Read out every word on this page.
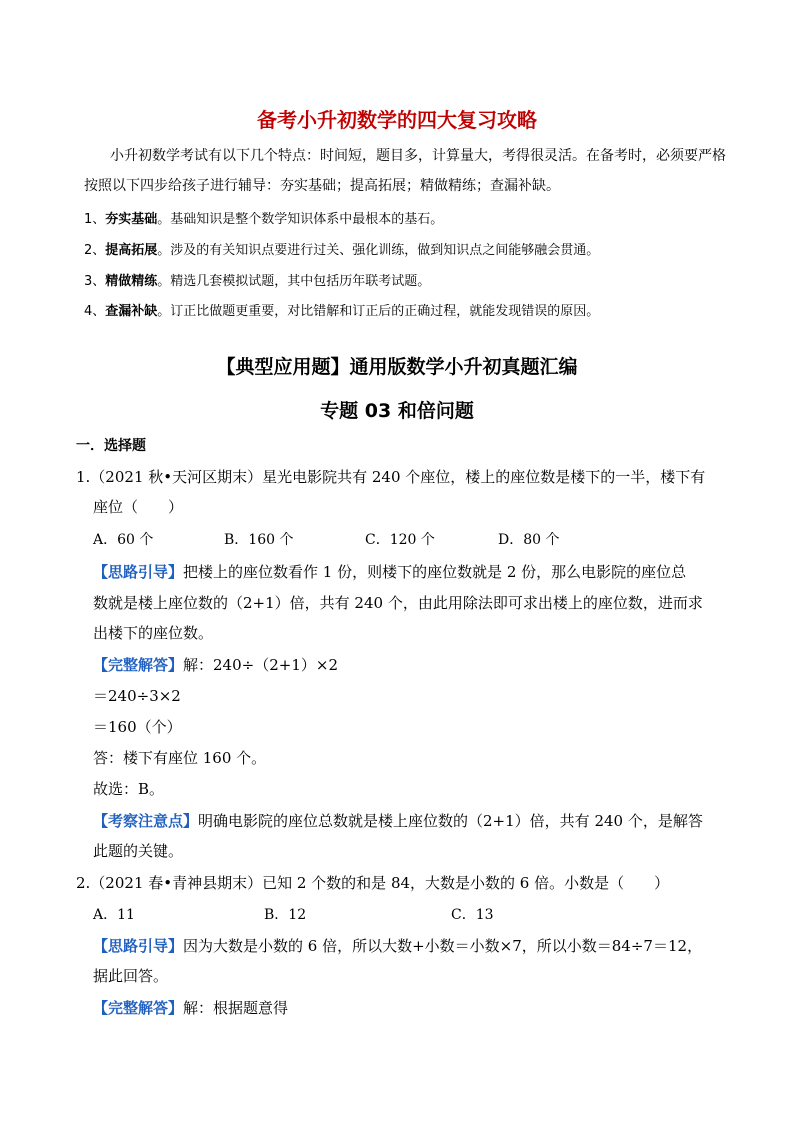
备考小升初数学的四大复习攻略
小升初数学考试有以下几个特点：时间短，题目多，计算量大，考得很灵活。在备考时，必须要严格
按照以下四步给孩子进行辅导：夯实基础；提高拓展；精做精练；查漏补缺。
1、夯实基础。基础知识是整个数学知识体系中最根本的基石。
2、提高拓展。涉及的有关知识点要进行过关、强化训练，做到知识点之间能够融会贯通。
3、精做精练。精选几套模拟试题，其中包括历年联考试题。
4、查漏补缺。订正比做题更重要，对比错解和订正后的正确过程，就能发现错误的原因。
【典型应用题】通用版数学小升初真题汇编
专题 03 和倍问题
一．选择题
1.（2021 秋•天河区期末）星光电影院共有 240 个座位，楼上的座位数是楼下的一半，楼下有
座位（　　）
A．60 个	B．160 个	C．120 个	D．80 个
【思路引导】把楼上的座位数看作 1 份，则楼下的座位数就是 2 份，那么电影院的座位总
数就是楼上座位数的（2+1）倍，共有 240 个，由此用除法即可求出楼上的座位数，进而求
出楼下的座位数。
【完整解答】解：240÷（2+1）×2
＝240÷3×2
＝160（个）
答：楼下有座位 160 个。
故选：B。
【考察注意点】明确电影院的座位总数就是楼上座位数的（2+1）倍，共有 240 个，是解答
此题的关键。
2.（2021 春•青神县期末）已知 2 个数的和是 84，大数是小数的 6 倍。小数是（　　）
A．11	B．12	C．13
【思路引导】因为大数是小数的 6 倍，所以大数+小数＝小数×7，所以小数＝84÷7＝12，
据此回答。
【完整解答】解：根据题意得
